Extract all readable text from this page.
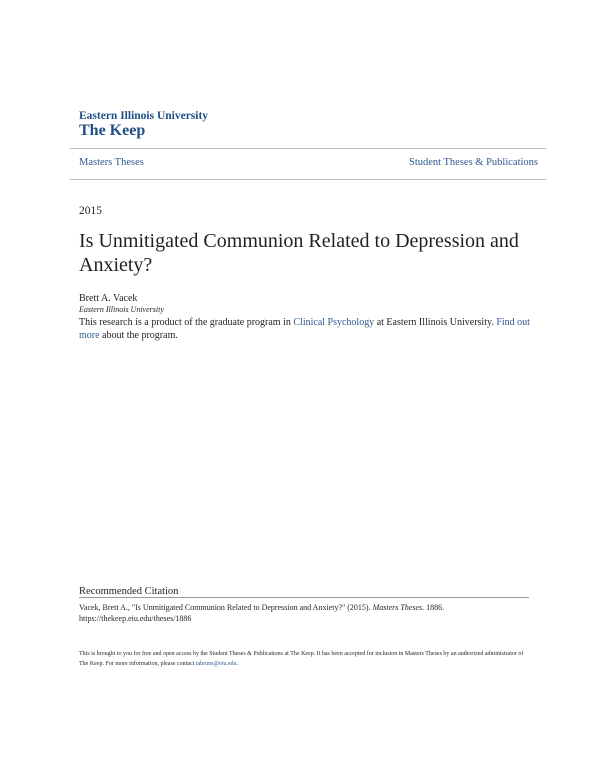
Eastern Illinois University
The Keep
Masters Theses	Student Theses & Publications
2015
Is Unmitigated Communion Related to Depression and Anxiety?
Brett A. Vacek
Eastern Illinois University
This research is a product of the graduate program in Clinical Psychology at Eastern Illinois University. Find out more about the program.
Recommended Citation
Vacek, Brett A., "Is Unmitigated Communion Related to Depression and Anxiety?" (2015). Masters Theses. 1886.
https://thekeep.eiu.edu/theses/1886
This is brought to you for free and open access by the Student Theses & Publications at The Keep. It has been accepted for inclusion in Masters Theses by an authorized administrator of The Keep. For more information, please contact tabruns@eiu.edu.
